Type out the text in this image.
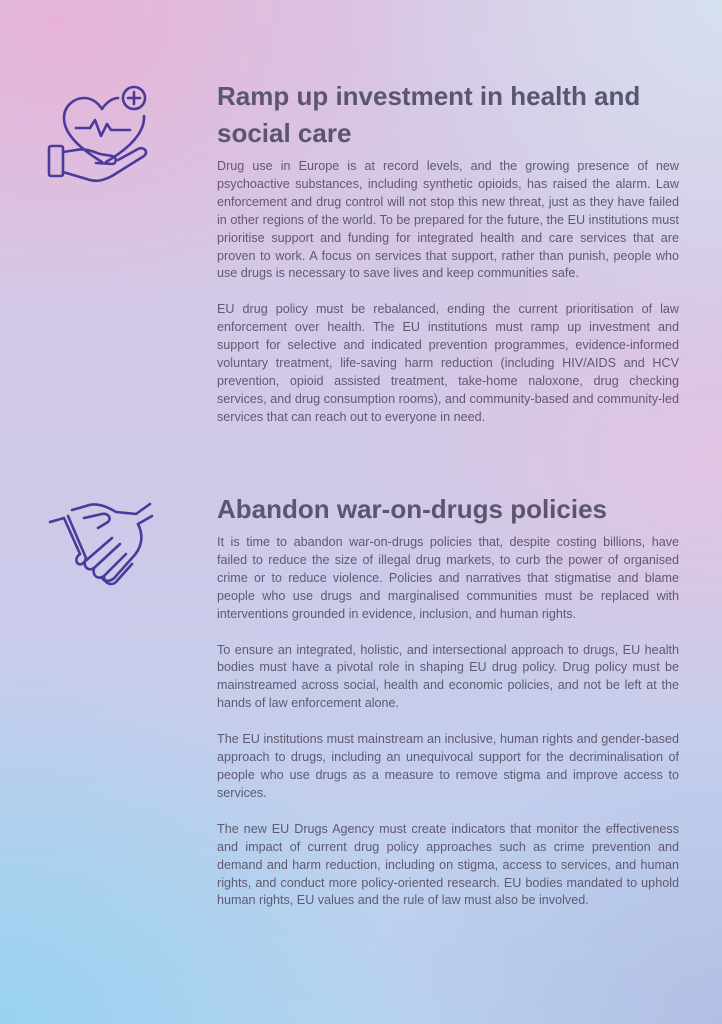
Ramp up investment in health and social care

Drug use in Europe is at record levels, and the growing presence of new psychoactive substances, including synthetic opioids, has raised the alarm. Law enforcement and drug control will not stop this new threat, just as they have failed in other regions of the world. To be prepared for the future, the EU institutions must prioritise support and funding for integrated health and care services that are proven to work. A focus on services that support, rather than punish, people who use drugs is necessary to save lives and keep communities safe.

EU drug policy must be rebalanced, ending the current prioritisation of law enforcement over health. The EU institutions must ramp up investment and support for selective and indicated prevention programmes, evidence-informed voluntary treatment, life-saving harm reduction (including HIV/AIDS and HCV prevention, opioid assisted treatment, take-home naloxone, drug checking services, and drug consumption rooms), and community-based and community-led services that can reach out to everyone in need.

Abandon war-on-drugs policies

It is time to abandon war-on-drugs policies that, despite costing billions, have failed to reduce the size of illegal drug markets, to curb the power of organised crime or to reduce violence. Policies and narratives that stigmatise and blame people who use drugs and marginalised communities must be replaced with interventions grounded in evidence, inclusion, and human rights.

To ensure an integrated, holistic, and intersectional approach to drugs, EU health bodies must have a pivotal role in shaping EU drug policy. Drug policy must be mainstreamed across social, health and economic policies, and not be left at the hands of law enforcement alone.

The EU institutions must mainstream an inclusive, human rights and gender-based approach to drugs, including an unequivocal support for the decriminalisation of people who use drugs as a measure to remove stigma and improve access to services.

The new EU Drugs Agency must create indicators that monitor the effectiveness and impact of current drug policy approaches such as crime prevention and demand and harm reduction, including on stigma, access to services, and human rights, and conduct more policy-oriented research. EU bodies mandated to uphold human rights, EU values and the rule of law must also be involved.
